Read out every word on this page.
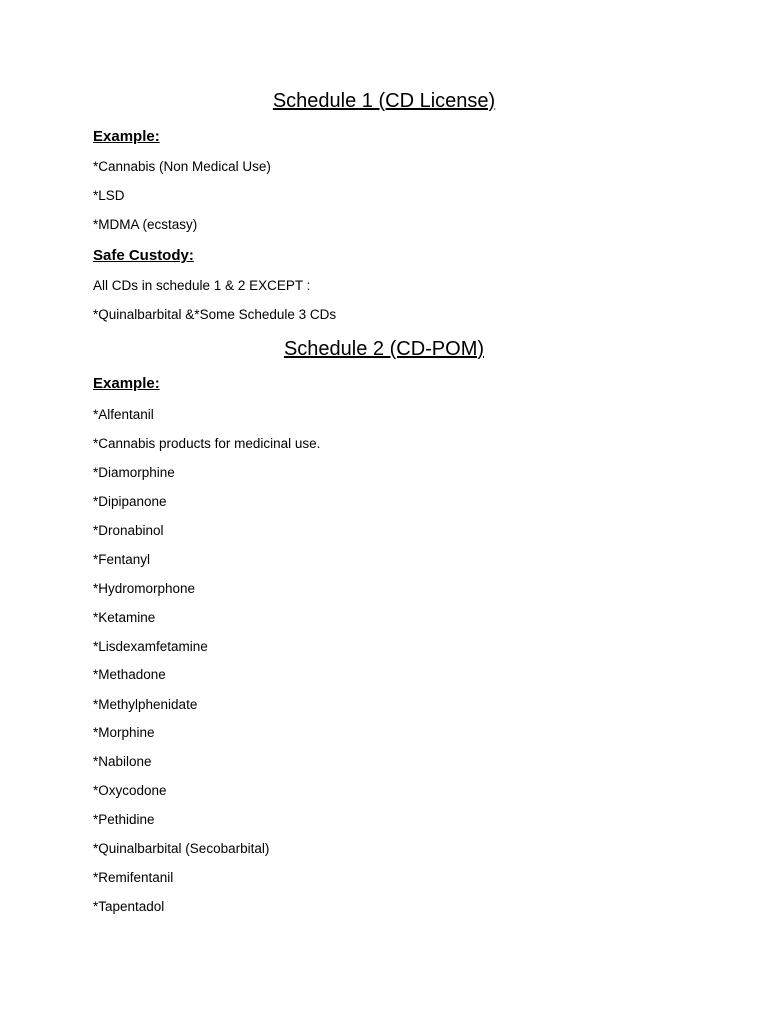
Schedule 1 (CD License)
Example:
*Cannabis (Non Medical Use)
*LSD
*MDMA (ecstasy)
Safe Custody:
All CDs in schedule 1 & 2 EXCEPT :
*Quinalbarbital &*Some Schedule 3 CDs
Schedule 2 (CD-POM)
Example:
*Alfentanil
*Cannabis products for medicinal use.
*Diamorphine
*Dipipanone
*Dronabinol
*Fentanyl
*Hydromorphone
*Ketamine
*Lisdexamfetamine
*Methadone
*Methylphenidate
*Morphine
*Nabilone
*Oxycodone
*Pethidine
*Quinalbarbital (Secobarbital)
*Remifentanil
*Tapentadol
